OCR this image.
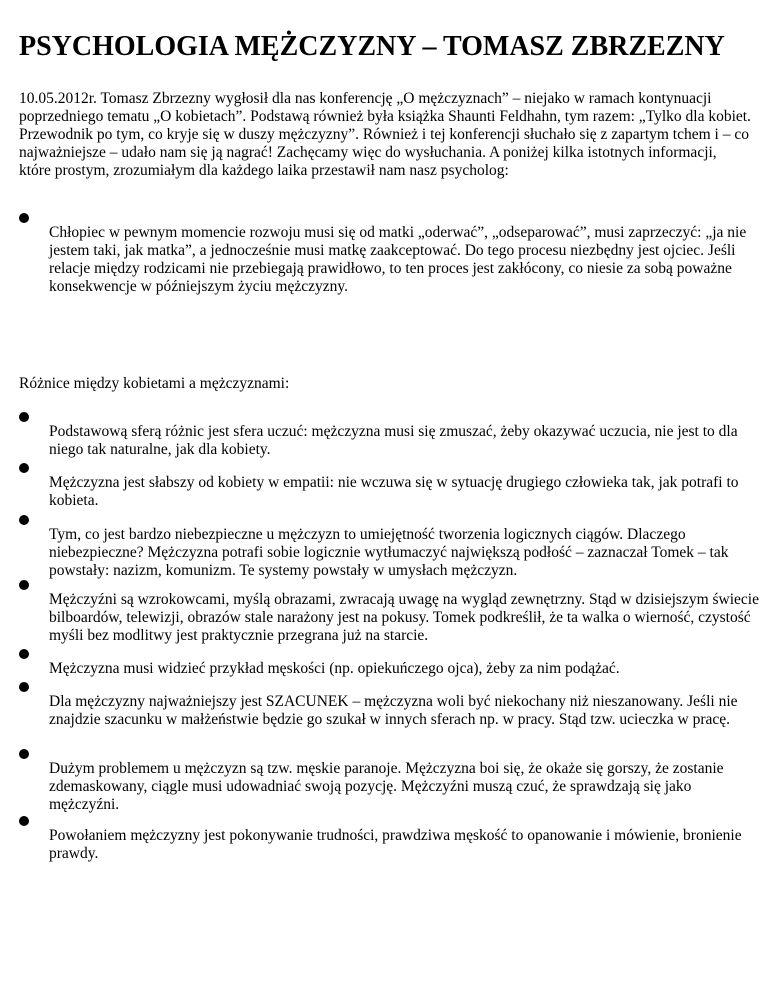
PSYCHOLOGIA MĘŻCZYZNY – TOMASZ ZBRZEZNY

10.05.2012r. Tomasz Zbrzezny wygłosił dla nas konferencję „O mężczyznach” – niejako w ramach kontynuacji poprzedniego tematu „O kobietach”. Podstawą również była książka Shaunti Feldhahn, tym razem: „Tylko dla kobiet. Przewodnik po tym, co kryje się w duszy mężczyzny”. Również i tej konferencji słuchało się z zapartym tchem i – co najważniejsze – udało nam się ją nagrać! Zachęcamy więc do wysłuchania. A poniżej kilka istotnych informacji, które prostym, zrozumiałym dla każdego laika przestawił nam nasz psycholog:

Chłopiec w pewnym momencie rozwoju musi się od matki „oderwać”, „odseparować”, musi zaprzeczyć: „ja nie jestem taki, jak matka”, a jednocześnie musi matkę zaakceptować. Do tego procesu niezbędny jest ojciec. Jeśli relacje między rodzicami nie przebiegają prawidłowo, to ten proces jest zakłócony, co niesie za sobą poważne konsekwencje w późniejszym życiu mężczyzny.

Różnice między kobietami a mężczyznami:

Podstawową sferą różnic jest sfera uczuć: mężczyzna musi się zmuszać, żeby okazywać uczucia, nie jest to dla niego tak naturalne, jak dla kobiety.

Mężczyzna jest słabszy od kobiety w empatii: nie wczuwa się w sytuację drugiego człowieka tak, jak potrafi to kobieta.

Tym, co jest bardzo niebezpieczne u mężczyzn to umiejętność tworzenia logicznych ciągów. Dlaczego niebezpieczne? Mężczyzna potrafi sobie logicznie wytłumaczyć największą podłość – zaznaczał Tomek – tak powstały: nazizm, komunizm. Te systemy powstały w umysłach mężczyzn.

Mężczyźni są wzrokowcami, myślą obrazami, zwracają uwagę na wygląd zewnętrzny. Stąd w dzisiejszym świecie bilboardów, telewizji, obrazów stale narażony jest na pokusy. Tomek podkreślił, że ta walka o wierność, czystość myśli bez modlitwy jest praktycznie przegrana już na starcie.

Mężczyzna musi widzieć przykład męskości (np. opiekuńczego ojca), żeby za nim podążać.

Dla mężczyzny najważniejszy jest SZACUNEK – mężczyzna woli być niekochany niż nieszanowany. Jeśli nie znajdzie szacunku w małżeństwie będzie go szukał w innych sferach np. w pracy. Stąd tzw. ucieczka w pracę.

Dużym problemem u mężczyzn są tzw. męskie paranoje. Mężczyzna boi się, że okaże się gorszy, że zostanie zdemaskowany, ciągle musi udowadniać swoją pozycję. Mężczyźni muszą czuć, że sprawdzają się jako mężczyźni.

Powołaniem mężczyzny jest pokonywanie trudności, prawdziwa męskość to opanowanie i mówienie, bronienie prawdy.
